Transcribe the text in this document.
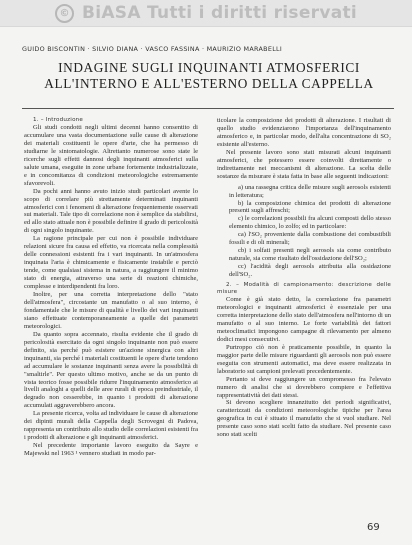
© BiASA Tutti i diritti riservati
GUIDO BISCONTIN · SILVIO DIANA · VASCO FASSINA · MAURIZIO MARABELLI
INDAGINE SUGLI INQUINANTI ATMOSFERICI ALL'INTERNO E ALL'ESTERNO DELLA CAPPELLA

1. – Introduzione

Gli studi condotti negli ultimi decenni hanno consentito di accumulare una vasta documentazione sulle cause di alterazione dei materiali costituenti le opere d'arte, che ha permesso di studiarne le sintomatologie. Altrettanto numerose sono state le ricerche sugli effetti dannosi degli inquinanti atmosferici sulla salute umana, eseguite in zone urbane fortemente industrializzate, e in concomitanza di condizioni meteorologiche estremamente sfavorevoli.

Da pochi anni hanno avuto inizio studi particolari avente lo scopo di correlare più strettamente determinati inquinanti atmosferici con i fenomeni di alterazione frequentemente osservati sui materiali. Tale tipo di correlazione non è semplice da stabilirsi, ed allo stato attuale non è possibile definire il grado di pericolosità di ogni singolo inquinante.

La ragione principale per cui non è possibile individuare relazioni sicure fra causa ed effetto, va ricercata nella complessità delle connessioni esistenti fra i vari inquinanti. In un'atmosfera inquinata l'aria è chimicamente e fisicamente instabile e perciò tende, come qualsiasi sistema in natura, a raggiungere il minimo stato di energia, attraverso una serie di reazioni chimiche, complesse e interdipendenti fra loro.

Inoltre, per una corretta interpretazione dello "stato dell'atmosfera", circostante un manufatto o al suo interno, è fondamentale che le misure di qualità e livello dei vari inquinanti siano effettuate contemporaneamente a quelle dei parametri meteorologici.

Da quanto sopra accennato, risulta evidente che il grado di pericolosità esercitato da ogni singolo inquinante non può essere definito, sia perché può esistere un'azione sinergica con altri inquinanti, sia perché i materiali costituenti le opere d'arte tendono ad accumulare le sostanze inquinanti senza avere la possibilità di "smaltirle". Per questo ultimo motivo, anche se da un punto di vista teorico fosse possibile ridurre l'inquinamento atmosferico ai livelli analoghi a quelli delle aree rurali di epoca preindustriale, il degrado non cesserebbe, in quanto i prodotti di alterazione accumulati aggraverebbero ancora.

La presente ricerca, volta ad individuare le cause di alterazione dei dipinti murali della Cappella degli Scrovegni di Padova, rappresenta un contributo allo studio delle correlazioni esistenti fra i prodotti di alterazione e gli inquinanti atmosferici.

Nel precedente importante lavoro eseguito da Sayre e Majewski nel 1963 ¹ vennero studiati in modo par-

ticolare la composizione dei prodotti di alterazione. I risultati di quello studio evidenziarono l'importanza dell'inquinamento atmosferico e, in particolar modo, dell'alta concentrazione di SO₂ esistente all'esterno.

Nel presente lavoro sono stati misurati alcuni inquinanti atmosferici, che potessero essere coinvolti direttamente o indirettamente nei meccanismi di alterazione. La scelta delle sostanze da misurare è stata fatta in base alle seguenti indicazioni:

a) una rassegna critica delle misure sugli aerosols esistenti in letteratura;

b) la composizione chimica dei prodotti di alterazione presenti sugli affreschi;

c) le correlazioni possibili fra alcuni composti dello stesso elemento chimico, lo zolfo; ed in particolare:

ca) l'SO₂ proveniente dalla combustione dei combustibili fossili e di oli minerali;

cb) i solfati presenti negli aerosols sia come contributo naturale, sia come risultato dell'ossidazione dell'SO₂;

cc) l'acidità degli aerosols attribuita alla ossidazione dell'SO₂.

2. – Modalità di campionamento: descrizione delle misure

Come è già stato detto, la correlazione fra parametri meteorologici e inquinanti atmosferici è essenziale per una corretta interpretazione dello stato dell'atmosfera nell'intorno di un manufatto o al suo interno. Le forte variabilità dei fattori meteoclimatici impongono campagne di rilevamento per almeno dodici mesi consecutivi.

Purtroppo ciò non è praticamente possibile, in quanto la maggior parte delle misure riguardanti gli aerosols non può essere eseguita con strumenti automatici, ma deve essere realizzata in laboratorio sui campioni prelevati precedentemente.

Pertanto si deve raggiungere un compromesso fra l'elevato numero di analisi che si dovrebbero compiere e l'effettiva rappresentatività dei dati stessi.

Si devono scegliere innanzitutto dei periodi significativi, caratterizzati da condizioni meteorologiche tipiche per l'area geografica in cui è situato il manufatto che si vuol studiare. Nel presente caso sono stati scelti fatto da studiare. Nel presente caso sono stati scelti

69
